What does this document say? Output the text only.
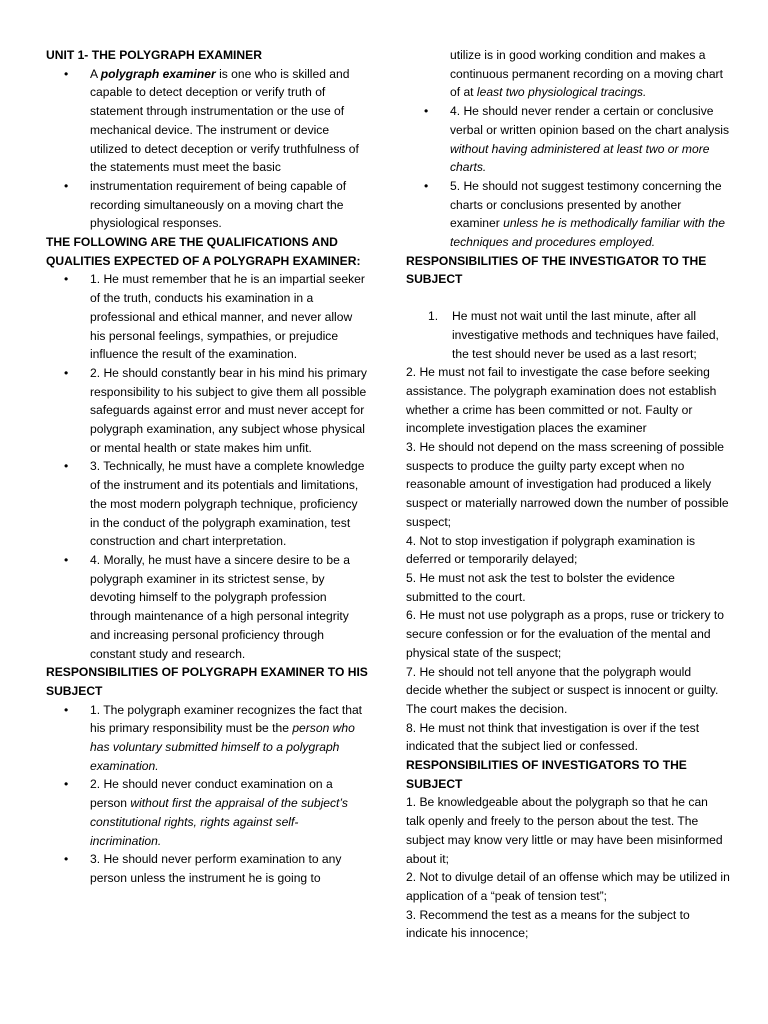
UNIT 1- THE POLYGRAPH EXAMINER

• A polygraph examiner is one who is skilled and capable to detect deception or verify truth of statement through instrumentation or the use of mechanical device. The instrument or device utilized to detect deception or verify truthfulness of the statements must meet the basic
• instrumentation requirement of being capable of recording simultaneously on a moving chart the physiological responses.

THE FOLLOWING ARE THE QUALIFICATIONS AND QUALITIES EXPECTED OF A POLYGRAPH EXAMINER:

• 1. He must remember that he is an impartial seeker of the truth, conducts his examination in a professional and ethical manner, and never allow his personal feelings, sympathies, or prejudice influence the result of the examination.
• 2. He should constantly bear in his mind his primary responsibility to his subject to give them all possible safeguards against error and must never accept for polygraph examination, any subject whose physical or mental health or state makes him unfit.
• 3. Technically, he must have a complete knowledge of the instrument and its potentials and limitations, the most modern polygraph technique, proficiency in the conduct of the polygraph examination, test construction and chart interpretation.
• 4. Morally, he must have a sincere desire to be a polygraph examiner in its strictest sense, by devoting himself to the polygraph profession through maintenance of a high personal integrity and increasing personal proficiency through constant study and research.

RESPONSIBILITIES OF POLYGRAPH EXAMINER TO HIS SUBJECT

• 1. The polygraph examiner recognizes the fact that his primary responsibility must be the person who has voluntary submitted himself to a polygraph examination.
• 2. He should never conduct examination on a person without first the appraisal of the subject’s constitutional rights, rights against self- incrimination.
• 3. He should never perform examination to any person unless the instrument he is going to

utilize is in good working condition and makes a continuous permanent recording on a moving chart of at least two physiological tracings.

• 4. He should never render a certain or conclusive verbal or written opinion based on the chart analysis without having administered at least two or more charts.
• 5. He should not suggest testimony concerning the charts or conclusions presented by another examiner unless he is methodically familiar with the techniques and procedures employed.

RESPONSIBILITIES OF THE INVESTIGATOR TO THE SUBJECT

1. He must not wait until the last minute, after all investigative methods and techniques have failed, the test should never be used as a last resort;

2. He must not fail to investigate the case before seeking assistance. The polygraph examination does not establish whether a crime has been committed or not. Faulty or incomplete investigation places the examiner

3. He should not depend on the mass screening of possible suspects to produce the guilty party except when no reasonable amount of investigation had produced a likely suspect or materially narrowed down the number of possible suspect;

4. Not to stop investigation if polygraph examination is deferred or temporarily delayed;

5. He must not ask the test to bolster the evidence submitted to the court.

6. He must not use polygraph as a props, ruse or trickery to secure confession or for the evaluation of the mental and physical state of the suspect;

7. He should not tell anyone that the polygraph would decide whether the subject or suspect is innocent or guilty. The court makes the decision.

8. He must not think that investigation is over if the test indicated that the subject lied or confessed.

RESPONSIBILITIES OF INVESTIGATORS TO THE SUBJECT

1. Be knowledgeable about the polygraph so that he can talk openly and freely to the person about the test. The subject may know very little or may have been misinformed about it;

2. Not to divulge detail of an offense which may be utilized in application of a “peak of tension test”;

3. Recommend the test as a means for the subject to indicate his innocence;
